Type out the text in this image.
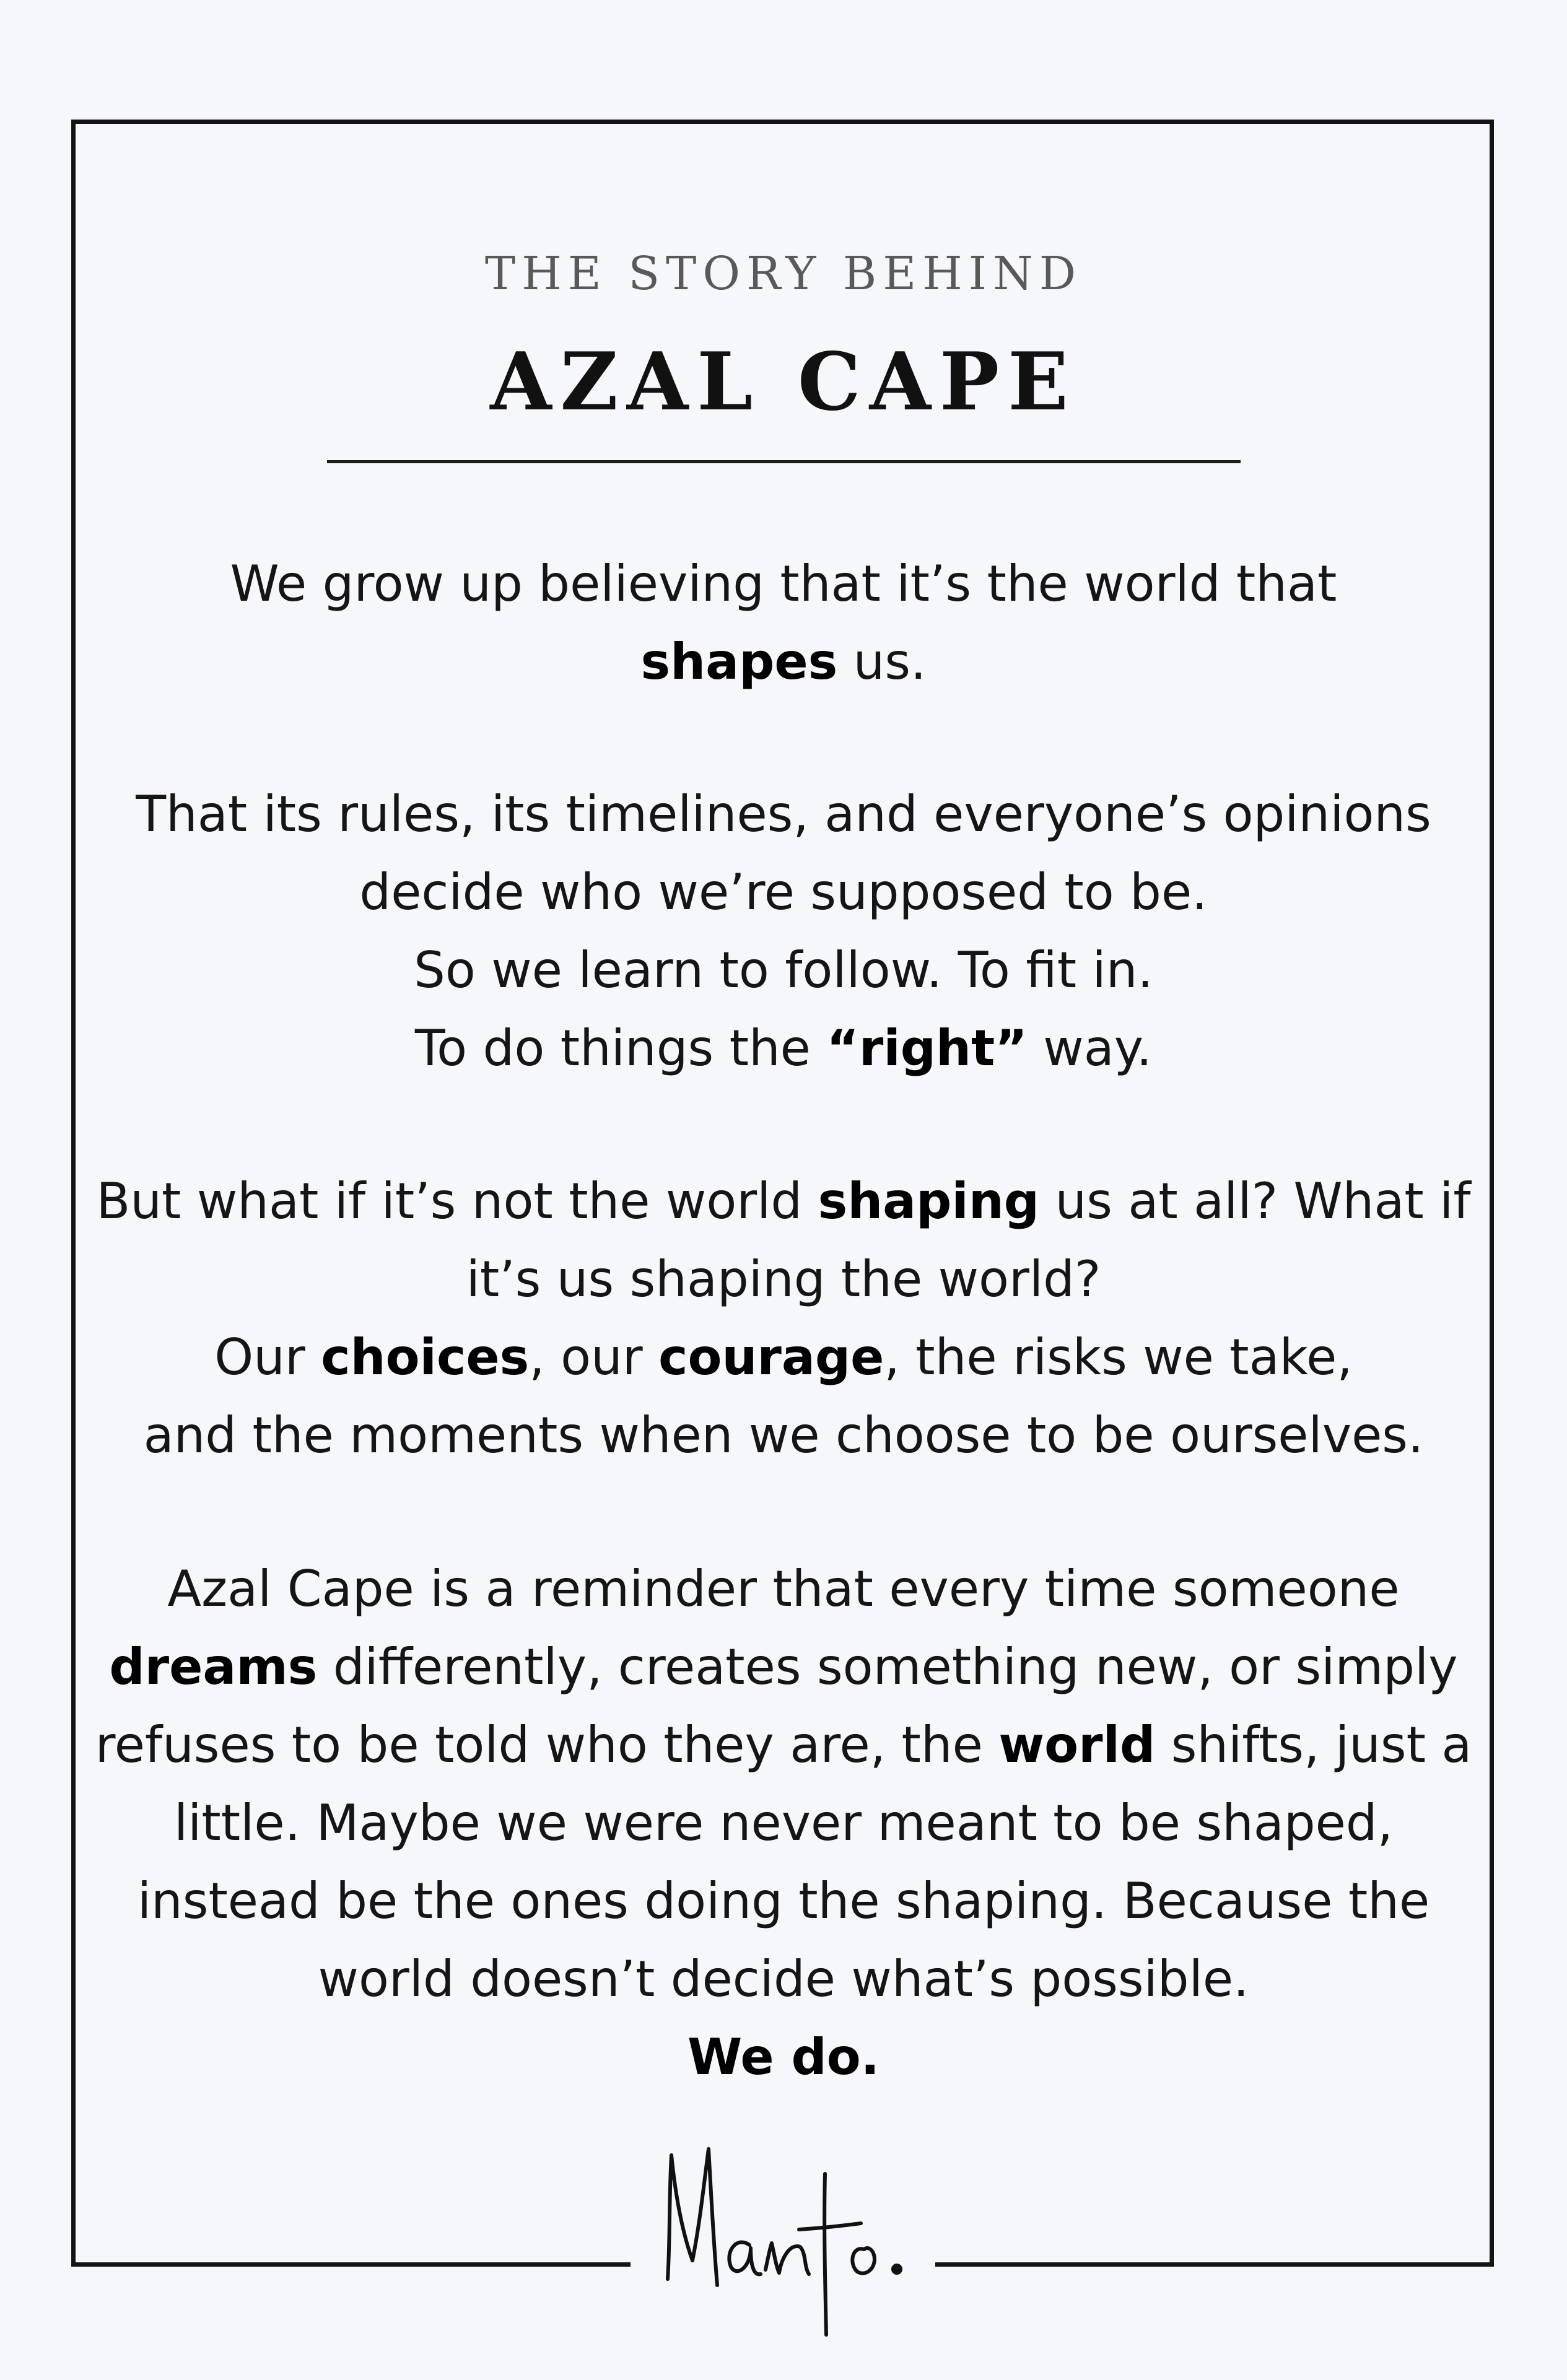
THE STORY BEHIND
AZAL CAPE
We grow up believing that it’s the world that
shapes us.
That its rules, its timelines, and everyone’s opinions
decide who we’re supposed to be.
So we learn to follow. To fit in.
To do things the “right” way.
But what if it’s not the world shaping us at all? What if
it’s us shaping the world?
Our choices, our courage, the risks we take,
and the moments when we choose to be ourselves.
Azal Cape is a reminder that every time someone
dreams differently, creates something new, or simply
refuses to be told who they are, the world shifts, just a
little. Maybe we were never meant to be shaped,
instead be the ones doing the shaping. Because the
world doesn’t decide what’s possible.
We do.
